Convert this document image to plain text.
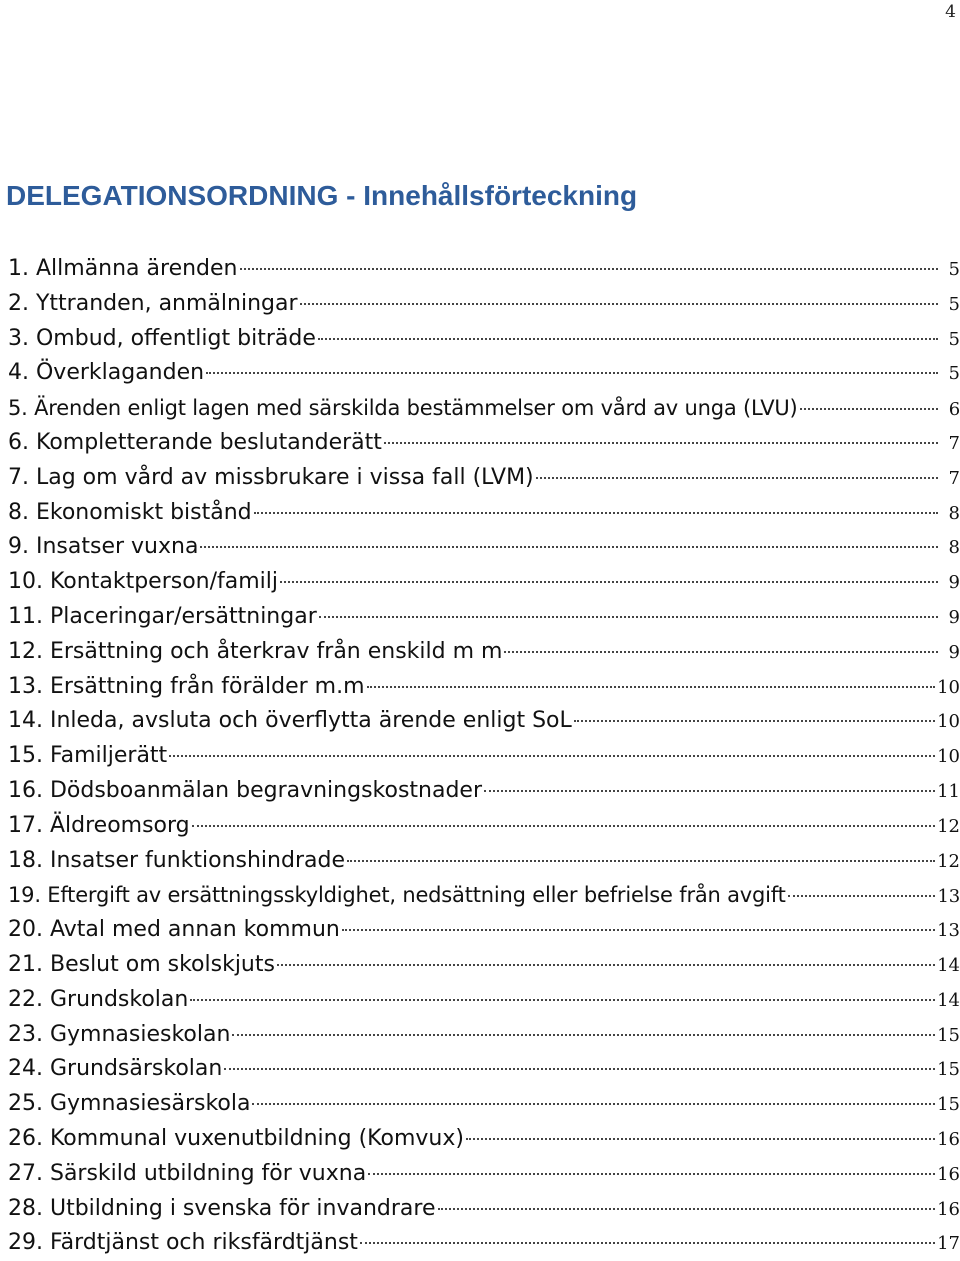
4
DELEGATIONSORDNING - Innehållsförteckning
1. Allmänna ärenden	5
2. Yttranden, anmälningar	5
3. Ombud, offentligt biträde	5
4. Överklaganden	5
5. Ärenden enligt lagen med särskilda bestämmelser om vård av unga (LVU)	6
6. Kompletterande beslutanderätt	7
7. Lag om vård av missbrukare i vissa fall (LVM)	7
8. Ekonomiskt bistånd	8
9. Insatser vuxna	8
10. Kontaktperson/familj	9
11. Placeringar/ersättningar	9
12. Ersättning och återkrav från enskild m m	9
13. Ersättning från förälder m.m	10
14. Inleda, avsluta och överflytta ärende enligt SoL	10
15. Familjerätt	10
16. Dödsboanmälan begravningskostnader	11
17. Äldreomsorg	12
18. Insatser funktionshindrade	12
19. Eftergift av ersättningsskyldighet, nedsättning eller befrielse från avgift	13
20. Avtal med annan kommun	13
21. Beslut om skolskjuts	14
22. Grundskolan	14
23. Gymnasieskolan	15
24. Grundsärskolan	15
25. Gymnasiesärskola	15
26. Kommunal vuxenutbildning (Komvux)	16
27. Särskild utbildning för vuxna	16
28. Utbildning i svenska för invandrare	16
29. Färdtjänst och riksfärdtjänst	17
